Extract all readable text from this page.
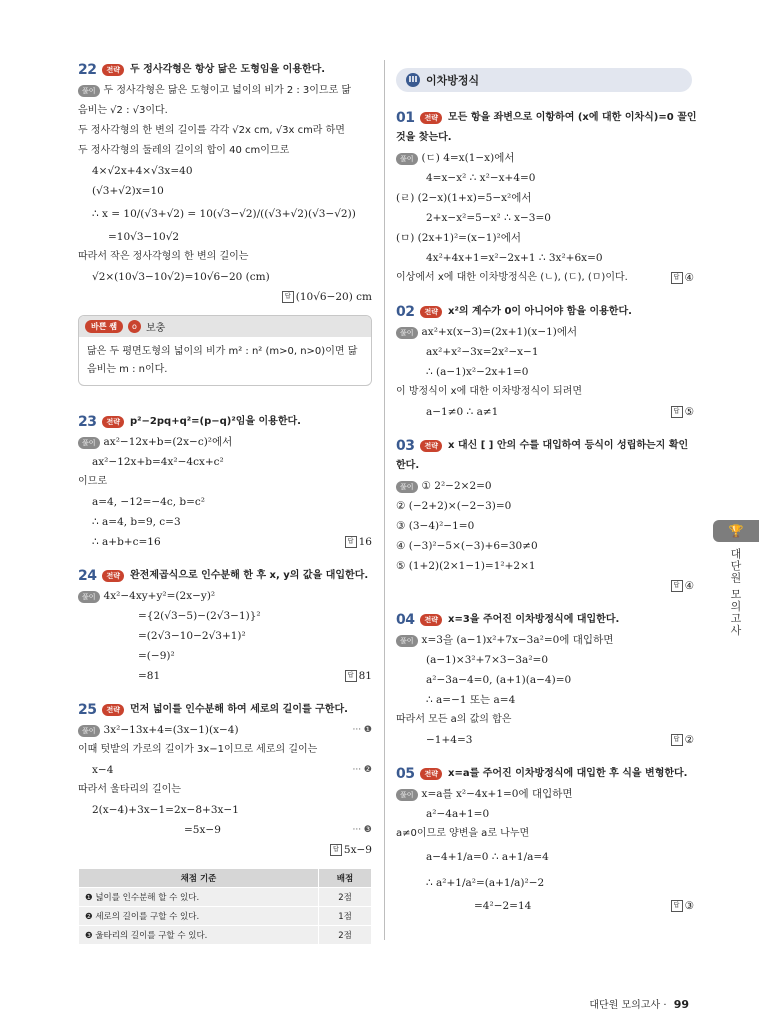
22	전략	두 정사각형은 항상 닮은 도형임을 이용한다.

풀이 두 정사각형은 닮은 도형이고 넓이의 비가 2 : 3이므로 닮

음비는 √2 : √3이다.

두 정사각형의 한 변의 길이를 각각 √2x cm, √3x cm라 하면

두 정사각형의 둘레의 길이의 합이 40 cm이므로

4×√2x+4×√3x=40

(√3+√2)x=10

∴ x = 10/(√3+√2) = 10(√3−√2)/((√3+√2)(√3−√2))

=10√3−10√2

따라서 작은 정사각형의 한 변의 길이는

√2×(10√3−10√2)=10√6−20 (cm)

답 (10√6−20) cm

바쁜 쌤	o 보충
닮은 두 평면도형의 넓이의 비가 m² : n² (m>0, n>0)이면 닮
음비는 m : n이다.
23	전략	p²−2pq+q²=(p−q)²임을 이용한다.

풀이 ax²−12x+b=(2x−c)²에서

ax²−12x+b=4x²−4cx+c²

이므로

a=4, −12=−4c, b=c²

∴ a=4, b=9, c=3

∴ a+b+c=16	답 16

24	전략	완전제곱식으로 인수분해 한 후 x, y의 값을 대입한다.

풀이 4x²−4xy+y²=(2x−y)²

={2(√3−5)−(2√3−1)}²

=(2√3−10−2√3+1)²

=(−9)²

=81	답 81

25	전략	먼저 넓이를 인수분해 하여 세로의 길이를 구한다.

풀이 3x²−13x+4=(3x−1)(x−4)	··· ❶

이때 텃밭의 가로의 길이가 3x−1이므로 세로의 길이는

x−4	··· ❷

따라서 울타리의 길이는

2(x−4)+3x−1=2x−8+3x−1

=5x−9	··· ❸

답 5x−9

채점 기준	배점
❶ 넓이를 인수분해 할 수 있다.	2점
❷ 세로의 길이를 구할 수 있다.	1점
❸ 울타리의 길이를 구할 수 있다.	2점
III 이차방정식
01	전략	모든 항을 좌변으로 이항하여 (x에 대한 이차식)=0 꼴인

것을 찾는다.

풀이 (ㄷ) 4=x(1−x)에서

4=x−x² ∴ x²−x+4=0

(ㄹ) (2−x)(1+x)=5−x²에서

2+x−x²=5−x² ∴ x−3=0

(ㅁ) (2x+1)²=(x−1)²에서

4x²+4x+1=x²−2x+1 ∴ 3x²+6x=0

이상에서 x에 대한 이차방정식은 (ㄴ), (ㄷ), (ㅁ)이다.	답 ④

02	전략	x²의 계수가 0이 아니어야 함을 이용한다.

풀이 ax²+x(x−3)=(2x+1)(x−1)에서

ax²+x²−3x=2x²−x−1

∴ (a−1)x²−2x+1=0

이 방정식이 x에 대한 이차방정식이 되려면

a−1≠0 ∴ a≠1	답 ⑤

03	전략	x 대신 [ ] 안의 수를 대입하여 등식이 성립하는지 확인

한다.

풀이 ① 2²−2×2=0

② (−2+2)×(−2−3)=0

③ (3−4)²−1=0

④ (−3)²−5×(−3)+6=30≠0

⑤ (1+2)(2×1−1)=1²+2×1

답 ④

04	전략	x=3을 주어진 이차방정식에 대입한다.

풀이 x=3을 (a−1)x²+7x−3a²=0에 대입하면

(a−1)×3²+7×3−3a²=0

a²−3a−4=0, (a+1)(a−4)=0

∴ a=−1 또는 a=4

따라서 모든 a의 값의 합은

−1+4=3	답 ②

05	전략	x=a를 주어진 이차방정식에 대입한 후 식을 변형한다.

풀이 x=a를 x²−4x+1=0에 대입하면

a²−4a+1=0

a≠0이므로 양변을 a로 나누면

a−4+1/a=0 ∴ a+1/a=4

∴ a²+1/a²=(a+1/a)²−2

=4²−2=14	답 ③

🏆
대단원 모의고사
대단원 모의고사 · 99
